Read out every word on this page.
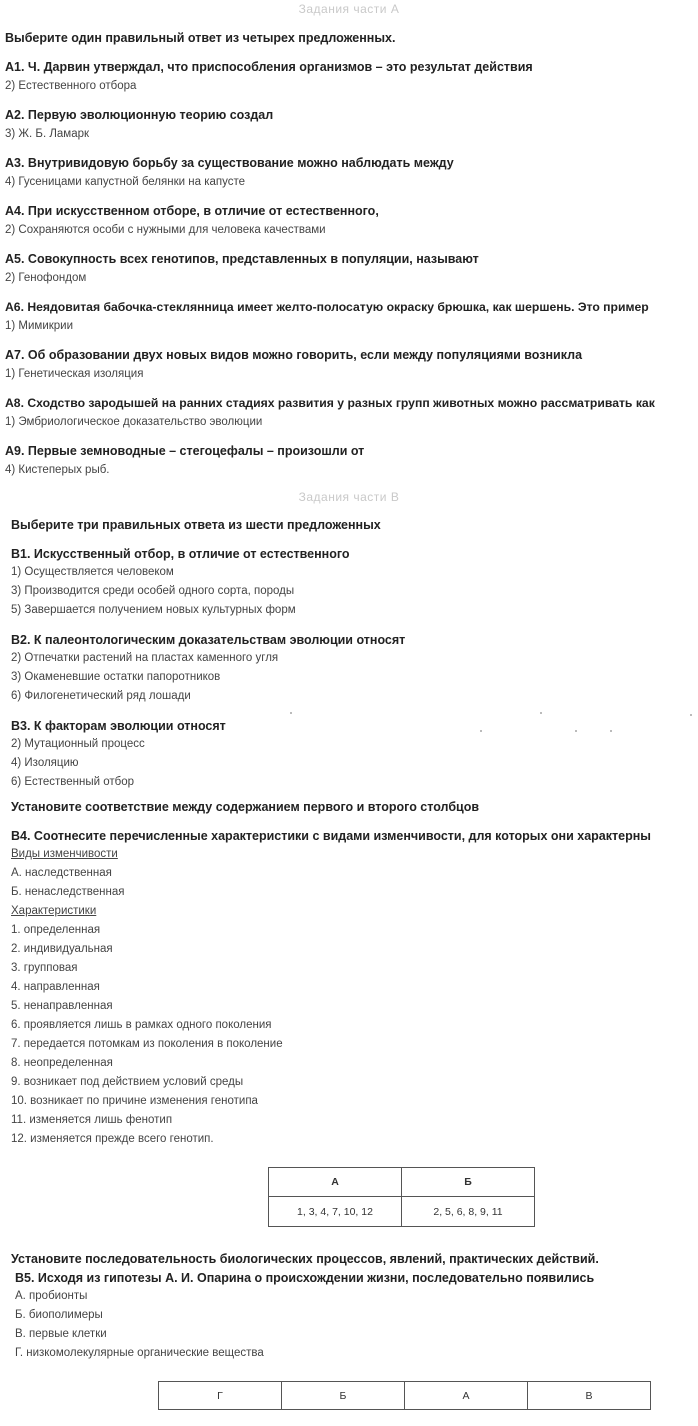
Задания части А
Выберите один правильный ответ из четырех предложенных.
А1. Ч. Дарвин утверждал, что приспособления организмов – это результат действия
2) Естественного отбора
А2. Первую эволюционную теорию создал
3) Ж. Б. Ламарк
А3. Внутривидовую борьбу за существование можно наблюдать между
4) Гусеницами капустной белянки на капусте
А4. При искусственном отборе, в отличие от естественного,
2) Сохраняются особи с нужными для человека качествами
А5. Совокупность всех генотипов, представленных в популяции, называют
2) Генофондом
А6. Неядовитая бабочка-стеклянница имеет желто-полосатую окраску брюшка, как шершень. Это пример
1) Мимикрии
А7. Об образовании двух новых видов можно говорить, если между популяциями возникла
1) Генетическая изоляция
А8. Сходство зародышей на ранних стадиях развития у разных групп животных можно рассматривать как
1) Эмбриологическое доказательство эволюции
А9. Первые земноводные – стегоцефалы – произошли от
4) Кистеперых рыб.
Задания части В
Выберите три правильных ответа из шести предложенных
В1. Искусственный отбор, в отличие от естественного
1) Осуществляется человеком
3) Производится среди особей одного сорта, породы
5) Завершается получением новых культурных форм
В2. К палеонтологическим доказательствам эволюции относят
2) Отпечатки растений на пластах каменного угля
3) Окаменевшие остатки папоротников
6) Филогенетический ряд лошади
В3. К факторам эволюции относят
2) Мутационный процесс
4) Изоляцию
6) Естественный отбор
Установите соответствие между содержанием первого и второго столбцов
В4. Соотнесите перечисленные характеристики с видами изменчивости, для которых они характерны
Виды изменчивости
А. наследственная
Б. ненаследственная
Характеристики
1. определенная
2. индивидуальная
3. групповая
4. направленная
5. ненаправленная
6. проявляется лишь в рамках одного поколения
7. передается потомкам из поколения в поколение
8. неопределенная
9. возникает под действием условий среды
10. возникает по причине изменения генотипа
11. изменяется лишь фенотип
12. изменяется прежде всего генотип.
А	Б
1, 3, 4, 7, 10, 12	2, 5, 6, 8, 9, 11
Установите последовательность биологических процессов, явлений, практических действий.
В5. Исходя из гипотезы А. И. Опарина о происхождении жизни, последовательно появились
А. пробионты
Б. биополимеры
В. первые клетки
Г. низкомолекулярные органические вещества
Г	Б	А	В
